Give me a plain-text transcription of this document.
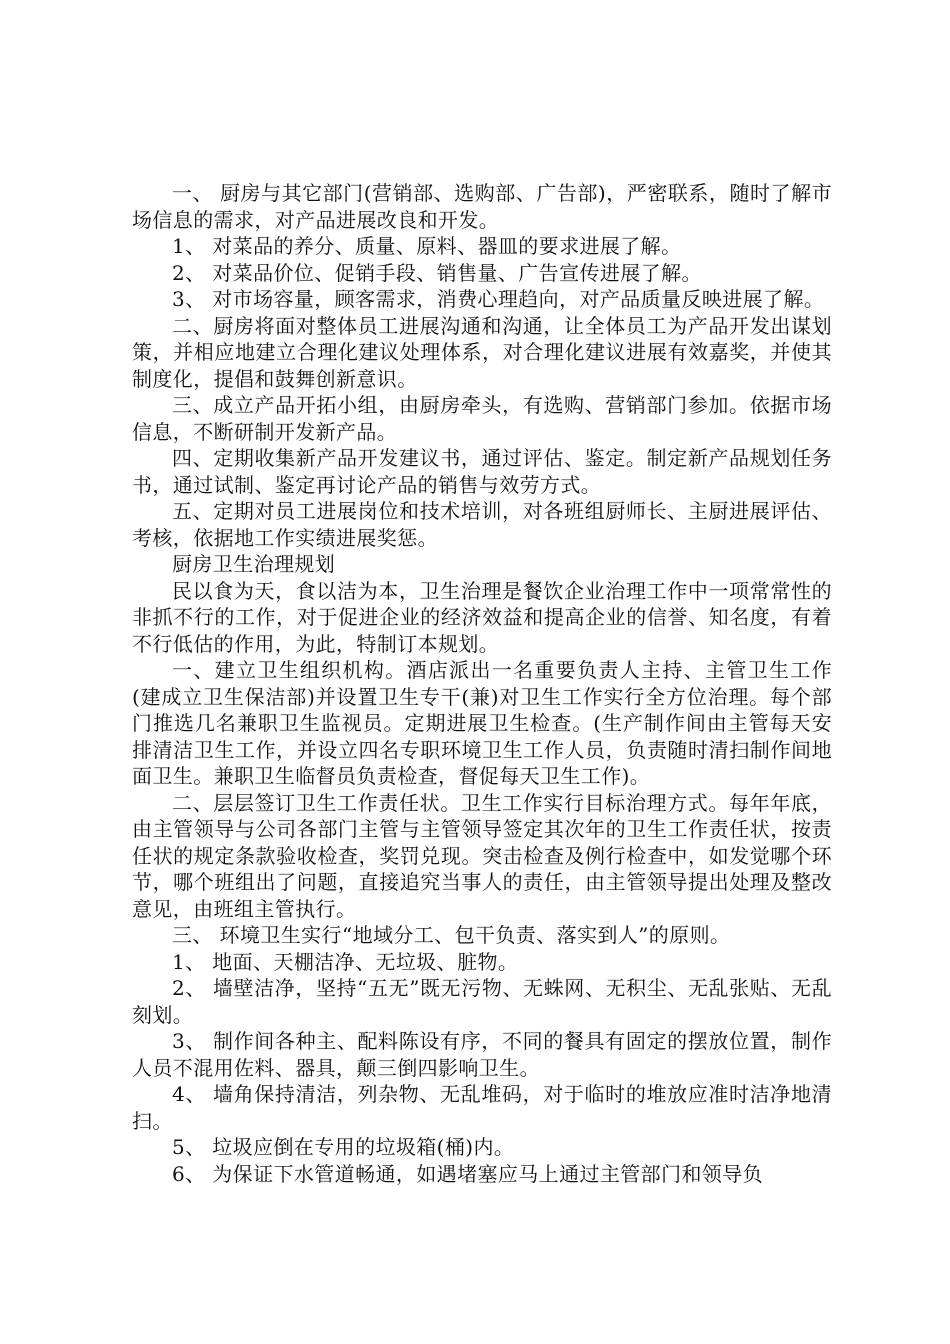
一、 厨房与其它部门(营销部、选购部、广告部)，严密联系，随时了解市场信息的需求，对产品进展改良和开发。

1、 对菜品的养分、质量、原料、器皿的要求进展了解。

2、 对菜品价位、促销手段、销售量、广告宣传进展了解。

3、 对市场容量，顾客需求，消费心理趋向，对产品质量反映进展了解。

二、厨房将面对整体员工进展沟通和沟通，让全体员工为产品开发出谋划策，并相应地建立合理化建议处理体系，对合理化建议进展有效嘉奖，并使其制度化，提倡和鼓舞创新意识。

三、成立产品开拓小组，由厨房牵头，有选购、营销部门参加。依据市场信息，不断研制开发新产品。

四、定期收集新产品开发建议书，通过评估、鉴定。制定新产品规划任务书，通过试制、鉴定再讨论产品的销售与效劳方式。

五、定期对员工进展岗位和技术培训，对各班组厨师长、主厨进展评估、考核，依据地工作实绩进展奖惩。

厨房卫生治理规划

民以食为天，食以洁为本，卫生治理是餐饮企业治理工作中一项常常性的非抓不行的工作，对于促进企业的经济效益和提高企业的信誉、知名度，有着不行低估的作用，为此，特制订本规划。

一、建立卫生组织机构。酒店派出一名重要负责人主持、主管卫生工作(建成立卫生保洁部)并设置卫生专干(兼)对卫生工作实行全方位治理。每个部门推选几名兼职卫生监视员。定期进展卫生检查。(生产制作间由主管每天安排清洁卫生工作，并设立四名专职环境卫生工作人员，负责随时清扫制作间地面卫生。兼职卫生临督员负责检查，督促每天卫生工作)。

二、层层签订卫生工作责任状。卫生工作实行目标治理方式。每年年底，由主管领导与公司各部门主管与主管领导签定其次年的卫生工作责任状，按责任状的规定条款验收检查，奖罚兑现。突击检查及例行检查中，如发觉哪个环节，哪个班组出了问题，直接追究当事人的责任，由主管领导提出处理及整改意见，由班组主管执行。

三、 环境卫生实行“地域分工、包干负责、落实到人”的原则。

1、 地面、天棚洁净、无垃圾、脏物。

2、 墙壁洁净，坚持“五无”既无污物、无蛛网、无积尘、无乱张贴、无乱刻划。

3、 制作间各种主、配料陈设有序，不同的餐具有固定的摆放位置，制作人员不混用佐料、器具，颠三倒四影响卫生。

4、 墙角保持清洁，列杂物、无乱堆码，对于临时的堆放应准时洁净地清扫。

5、 垃圾应倒在专用的垃圾箱(桶)内。

6、 为保证下水管道畅通，如遇堵塞应马上通过主管部门和领导负
